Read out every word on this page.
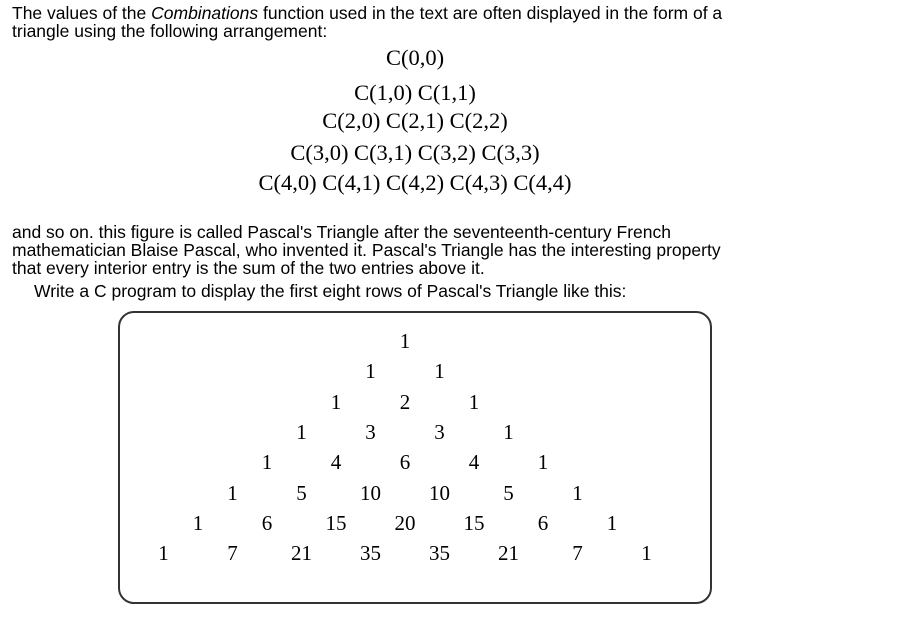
The values of the Combinations function used in the text are often displayed in the form of a
triangle using the following arrangement:

C(0,0)
C(1,0) C(1,1)
C(2,0) C(2,1) C(2,2)
C(3,0) C(3,1) C(3,2) C(3,3)
C(4,0) C(4,1) C(4,2) C(4,3) C(4,4)

and so on. this figure is called Pascal's Triangle after the seventeenth-century French
mathematician Blaise Pascal, who invented it. Pascal's Triangle has the interesting property
that every interior entry is the sum of the two entries above it.

Write a C program to display the first eight rows of Pascal's Triangle like this:

1
1	1
1	2	1
1	3	3	1
1	4	6	4	1
1	5	10 10	5	1
1	6	15 20 15	6	1
1	7	21 35 35 21	7	1
